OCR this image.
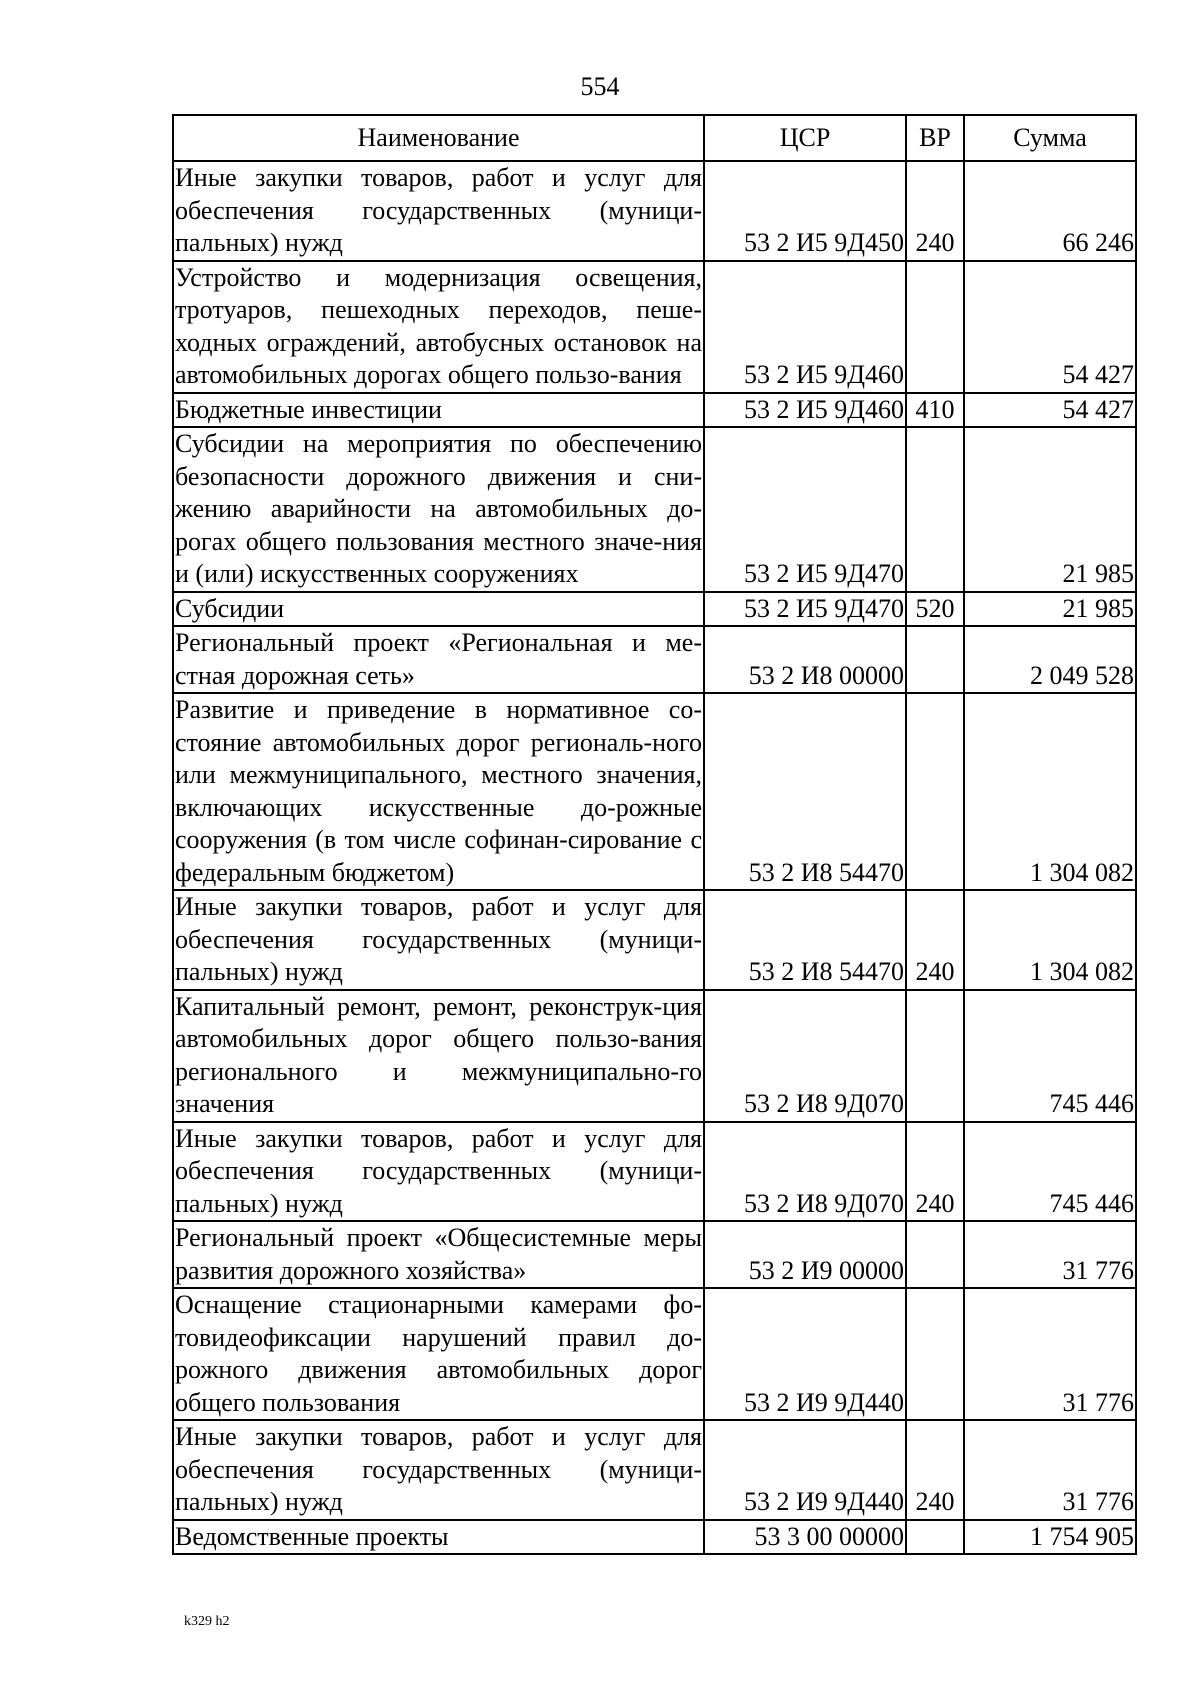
554
Наименование	ЦСР	ВР	Сумма
Иные закупки товаров, работ и услуг для обеспечения государственных (муници-пальных) нужд	53 2 И5 9Д450	240	66 246
Устройство и модернизация освещения, тротуаров, пешеходных переходов, пеше-ходных ограждений, автобусных остановок на автомобильных дорогах общего пользо-вания	53 2 И5 9Д460		54 427
Бюджетные инвестиции	53 2 И5 9Д460	410	54 427
Субсидии на мероприятия по обеспечению безопасности дорожного движения и сни-жению аварийности на автомобильных до-рогах общего пользования местного значе-ния и (или) искусственных сооружениях	53 2 И5 9Д470		21 985
Субсидии	53 2 И5 9Д470	520	21 985
Региональный проект «Региональная и ме-стная дорожная сеть»	53 2 И8 00000		2 049 528
Развитие и приведение в нормативное со-стояние автомобильных дорог региональ-ного или межмуниципального, местного значения, включающих искусственные до-рожные сооружения (в том числе софинан-сирование с федеральным бюджетом)	53 2 И8 54470		1 304 082
Иные закупки товаров, работ и услуг для обеспечения государственных (муници-пальных) нужд	53 2 И8 54470	240	1 304 082
Капитальный ремонт, ремонт, реконструк-ция автомобильных дорог общего пользо-вания регионального и межмуниципально-го значения	53 2 И8 9Д070		745 446
Иные закупки товаров, работ и услуг для обеспечения государственных (муници-пальных) нужд	53 2 И8 9Д070	240	745 446
Региональный проект «Общесистемные меры развития дорожного хозяйства»	53 2 И9 00000		31 776
Оснащение стационарными камерами фо-товидеофиксации нарушений правил до-рожного движения автомобильных дорог общего пользования	53 2 И9 9Д440		31 776
Иные закупки товаров, работ и услуг для обеспечения государственных (муници-пальных) нужд	53 2 И9 9Д440	240	31 776
Ведомственные проекты	53 3 00 00000		1 754 905
k329 h2
